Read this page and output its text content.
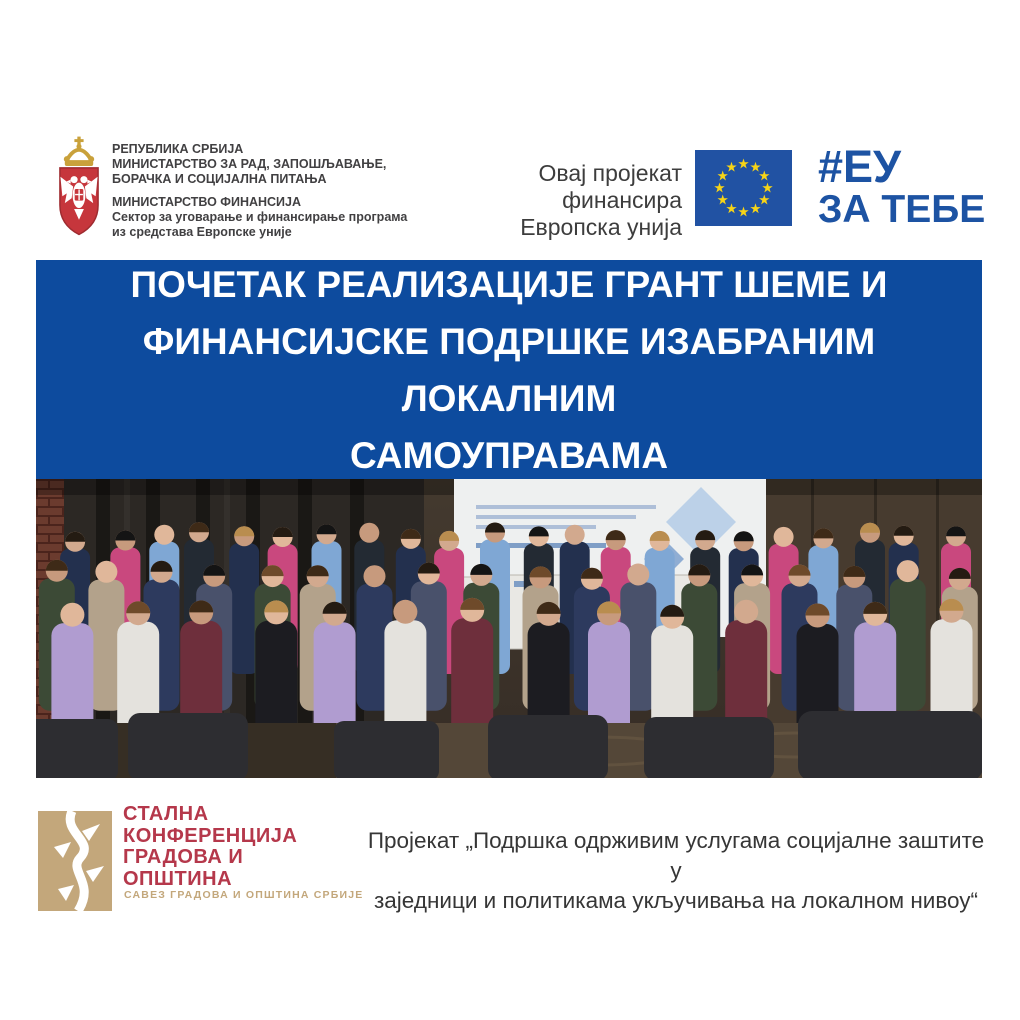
РЕПУБЛИКА СРБИЈА
МИНИСТАРСТВО ЗА РАД, ЗАПОШЉАВАЊЕ,
БОРАЧКА И СОЦИЈАЛНА ПИТАЊА
МИНИСТАРСТВО ФИНАНСИЈА
Сектор за уговарање и финансирање програма
из средстава Европске уније
Овај пројекат финансира
Европска унија
#ЕУ
ЗА ТЕБЕ
ПОЧЕТАК РЕАЛИЗАЦИЈЕ ГРАНТ ШЕМЕ И
ФИНАНСИЈСКЕ ПОДРШКЕ ИЗАБРАНИМ ЛОКАЛНИМ
САМОУПРАВАМА
СТАЛНА
КОНФЕРЕНЦИЈА
ГРАДОВА И
ОПШТИНА
САВЕЗ ГРАДОВА И ОПШТИНА СРБИЈЕ
Пројекат „Подршка одрживим услугама социјалне заштите у
заједници и политикама укључивања на локалном нивоу“
